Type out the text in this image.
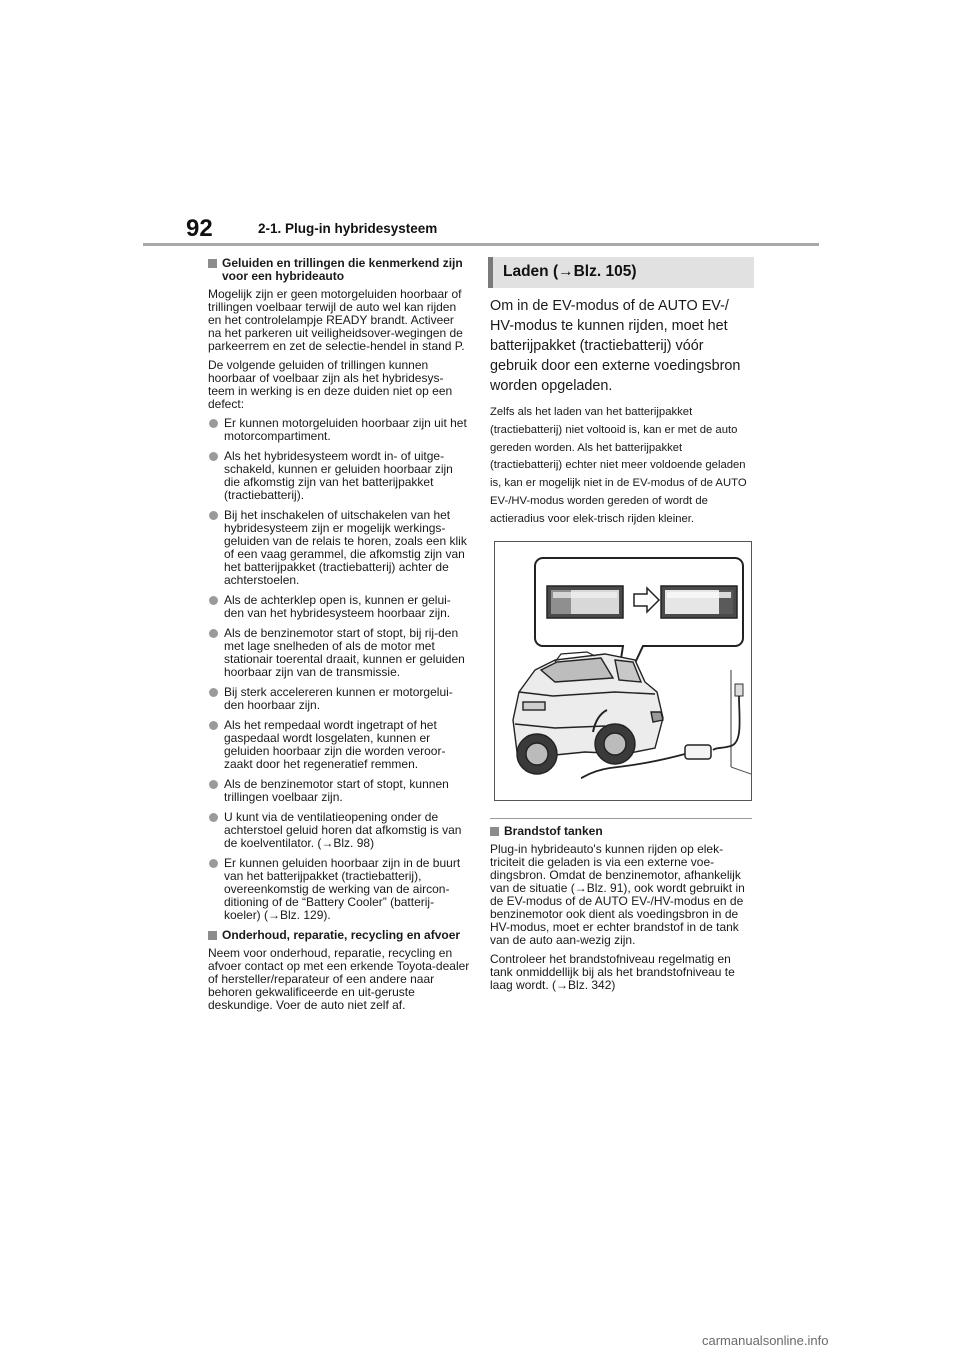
92	2-1. Plug-in hybridesysteem
Geluiden en trillingen die kenmerkend zijn voor een hybrideauto

Mogelijk zijn er geen motorgeluiden hoorbaar of trillingen voelbaar terwijl de auto wel kan rijden en het controlelampje READY brandt. Activeer na het parkeren uit veiligheidsover-wegingen de parkeerrem en zet de selectie-hendel in stand P.

De volgende geluiden of trillingen kunnen hoorbaar of voelbaar zijn als het hybridesys-teem in werking is en deze duiden niet op een defect:

Er kunnen motorgeluiden hoorbaar zijn uit het motorcompartiment.
Als het hybridesysteem wordt in- of uitge-schakeld, kunnen er geluiden hoorbaar zijn die afkomstig zijn van het batterijpakket (tractiebatterij).
Bij het inschakelen of uitschakelen van het hybridesysteem zijn er mogelijk werkings-geluiden van de relais te horen, zoals een klik of een vaag gerammel, die afkomstig zijn van het batterijpakket (tractiebatterij) achter de achterstoelen.
Als de achterklep open is, kunnen er gelui-den van het hybridesysteem hoorbaar zijn.
Als de benzinemotor start of stopt, bij rij-den met lage snelheden of als de motor met stationair toerental draait, kunnen er geluiden hoorbaar zijn van de transmissie.
Bij sterk accelereren kunnen er motorgelui-den hoorbaar zijn.
Als het rempedaal wordt ingetrapt of het gaspedaal wordt losgelaten, kunnen er geluiden hoorbaar zijn die worden veroor-zaakt door het regeneratief remmen.
Als de benzinemotor start of stopt, kunnen trillingen voelbaar zijn.
U kunt via de ventilatieopening onder de achterstoel geluid horen dat afkomstig is van de koelventilator. (→Blz. 98)
Er kunnen geluiden hoorbaar zijn in de buurt van het batterijpakket (tractiebatterij), overeenkomstig de werking van de aircon-ditioning of de “Battery Cooler” (batterij-koeler) (→Blz. 129).
Onderhoud, reparatie, recycling en afvoer

Neem voor onderhoud, reparatie, recycling en afvoer contact op met een erkende Toyota-dealer of hersteller/reparateur of een andere naar behoren gekwalificeerde en uit-geruste deskundige. Voer de auto niet zelf af.

Laden (→Blz. 105)

Om in de EV-modus of de AUTO EV-/ HV-modus te kunnen rijden, moet het batterijpakket (tractiebatterij) vóór gebruik door een externe voedingsbron worden opgeladen.

Zelfs als het laden van het batterijpakket (tractiebatterij) niet voltooid is, kan er met de auto gereden worden. Als het batterijpakket (tractiebatterij) echter niet meer voldoende geladen is, kan er mogelijk niet in de EV-modus of de AUTO EV-/HV-modus worden gereden of wordt de actieradius voor elek-trisch rijden kleiner.

Brandstof tanken

Plug-in hybrideauto's kunnen rijden op elek-triciteit die geladen is via een externe voe-dingsbron. Omdat de benzinemotor, afhankelijk van de situatie (→Blz. 91), ook wordt gebruikt in de EV-modus of de AUTO EV-/HV-modus en de benzinemotor ook dient als voedingsbron in de HV-modus, moet er echter brandstof in de tank van de auto aan-wezig zijn.

Controleer het brandstofniveau regelmatig en tank onmiddellijk bij als het brandstofniveau te laag wordt. (→Blz. 342)

carmanualsonline.info
